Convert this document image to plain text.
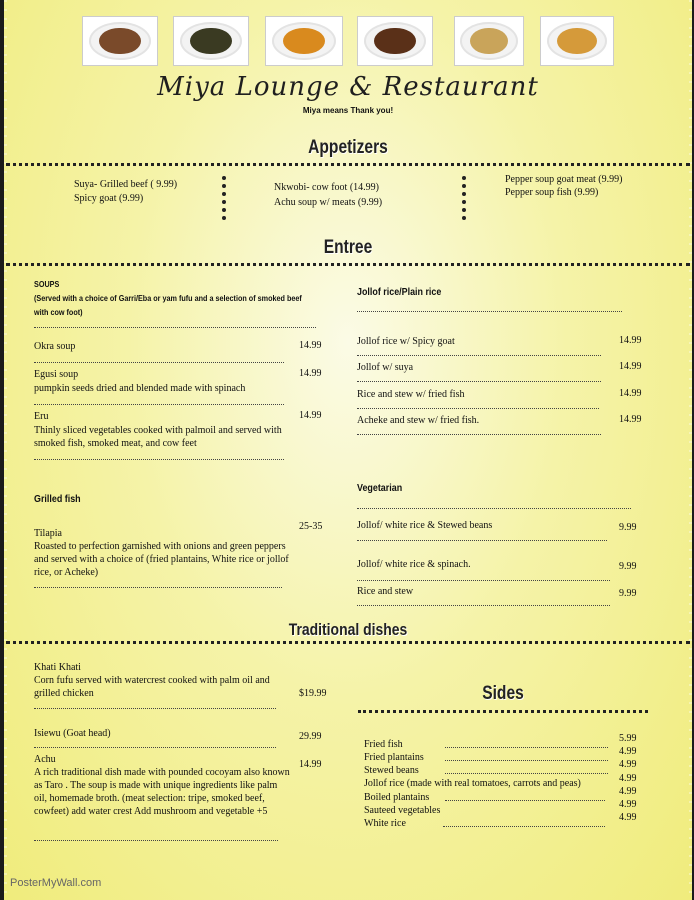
Miya Lounge & Restaurant
Miya means Thank you!
Appetizers
Suya- Grilled beef ( 9.99)
Spicy goat (9.99)
Nkwobi- cow foot (14.99)
Achu soup w/ meats (9.99)
Pepper soup goat meat (9.99)
Pepper soup fish (9.99)
Entree
SOUPS
(Served with a choice of Garri/Eba or yam fufu and a selection of smoked beef with cow foot)
Okra soup	14.99
Egusi soup
pumpkin seeds dried and blended made with spinach
14.99
Eru
Thinly sliced vegetables cooked with palmoil and served with smoked fish, smoked meat, and cow feet
14.99
Grilled fish
Tilapia
Roasted to perfection garnished with onions and green peppers and served with a choice of (fried plantains, White rice or jollof rice, or Acheke)
25-35
Jollof rice/Plain rice
Jollof rice w/ Spicy goat	14.99
Jollof w/ suya	14.99
Rice and stew w/ fried fish	14.99
Acheke and stew w/ fried fish.	14.99
Vegetarian
Jollof/ white rice & Stewed beans	9.99
Jollof/ white rice & spinach.	9.99
Rice and stew	9.99
Traditional dishes
Khati Khati
Corn fufu served with watercrest cooked with palm oil and grilled chicken	$19.99
Isiewu (Goat head)	29.99
Achu
A rich traditional dish made with pounded cocoyam also known as Taro . The soup is made with unique ingredients like palm oil, homemade broth. (meat selection: tripe, smoked beef, cowfeet) add water crest Add mushroom and vegetable +5
14.99
Sides
Fried fish
5.99
Fried plantains
4.99
Stewed beans
4.99
Jollof rice (made with real tomatoes, carrots and peas)	4.99
Boiled plantains
4.99
Sauteed vegetables
4.99
White rice
4.99
PosterMyWall.com
